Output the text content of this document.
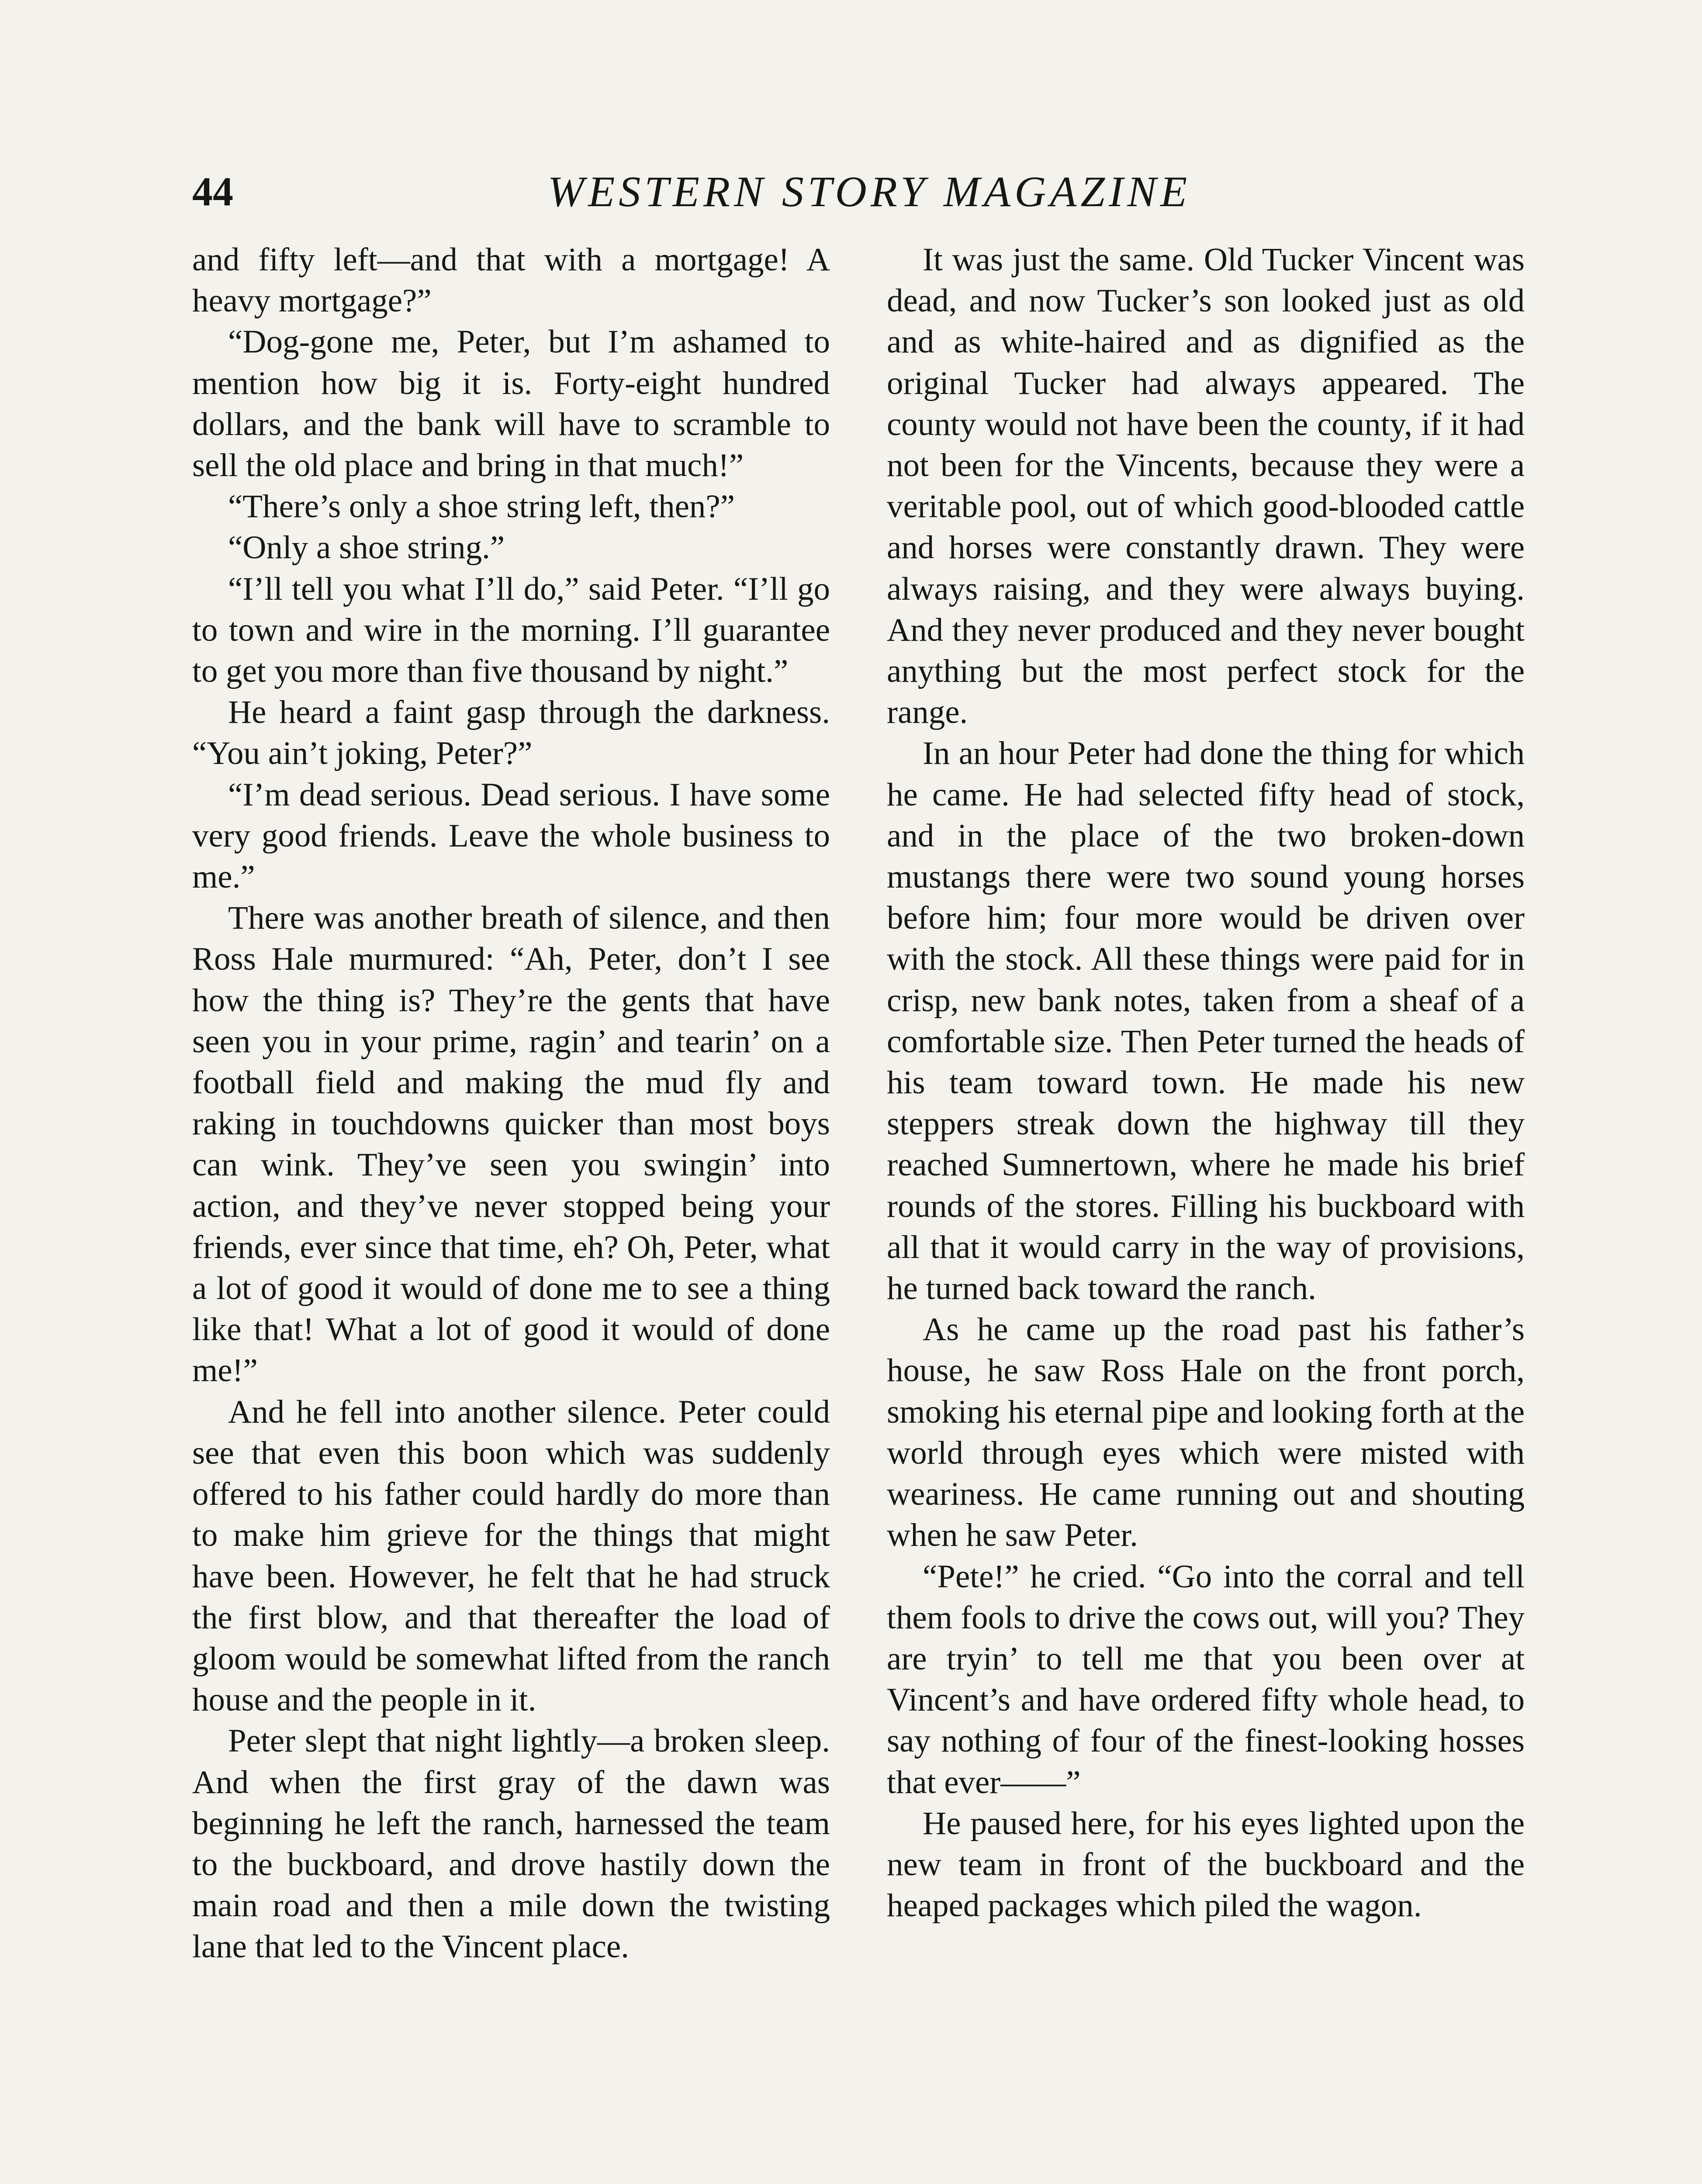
44	WESTERN STORY MAGAZINE

and fifty left—and that with a mortgage! A heavy mortgage?”

“Dog-gone me, Peter, but I’m ashamed to mention how big it is. Forty-eight hundred dollars, and the bank will have to scramble to sell the old place and bring in that much!”

“There’s only a shoe string left, then?”

“Only a shoe string.”

“I’ll tell you what I’ll do,” said Peter. “I’ll go to town and wire in the morning. I’ll guarantee to get you more than five thousand by night.”

He heard a faint gasp through the darkness. “You ain’t joking, Peter?”

“I’m dead serious. Dead serious. I have some very good friends. Leave the whole business to me.”

There was another breath of silence, and then Ross Hale murmured: “Ah, Peter, don’t I see how the thing is? They’re the gents that have seen you in your prime, ragin’ and tearin’ on a football field and making the mud fly and raking in touchdowns quicker than most boys can wink. They’ve seen you swingin’ into action, and they’ve never stopped being your friends, ever since that time, eh? Oh, Peter, what a lot of good it would of done me to see a thing like that! What a lot of good it would of done me!”

And he fell into another silence. Peter could see that even this boon which was suddenly offered to his father could hardly do more than to make him grieve for the things that might have been. However, he felt that he had struck the first blow, and that thereafter the load of gloom would be somewhat lifted from the ranch house and the people in it.

Peter slept that night lightly—a broken sleep. And when the first gray of the dawn was beginning he left the ranch, harnessed the team to the buckboard, and drove hastily down the main road and then a mile down the twisting lane that led to the Vincent place.

It was just the same. Old Tucker Vincent was dead, and now Tucker’s son looked just as old and as white-haired and as dignified as the original Tucker had always appeared. The county would not have been the county, if it had not been for the Vincents, because they were a veritable pool, out of which good-blooded cattle and horses were constantly drawn. They were always raising, and they were always buying. And they never produced and they never bought anything but the most perfect stock for the range.

In an hour Peter had done the thing for which he came. He had selected fifty head of stock, and in the place of the two broken-down mustangs there were two sound young horses before him; four more would be driven over with the stock. All these things were paid for in crisp, new bank notes, taken from a sheaf of a comfortable size. Then Peter turned the heads of his team toward town. He made his new steppers streak down the highway till they reached Sumnertown, where he made his brief rounds of the stores. Filling his buckboard with all that it would carry in the way of provisions, he turned back toward the ranch.

As he came up the road past his father’s house, he saw Ross Hale on the front porch, smoking his eternal pipe and looking forth at the world through eyes which were misted with weariness. He came running out and shouting when he saw Peter.

“Pete!” he cried. “Go into the corral and tell them fools to drive the cows out, will you? They are tryin’ to tell me that you been over at Vincent’s and have ordered fifty whole head, to say nothing of four of the finest-looking hosses that ever——”

He paused here, for his eyes lighted upon the new team in front of the buckboard and the heaped packages which piled the wagon.
